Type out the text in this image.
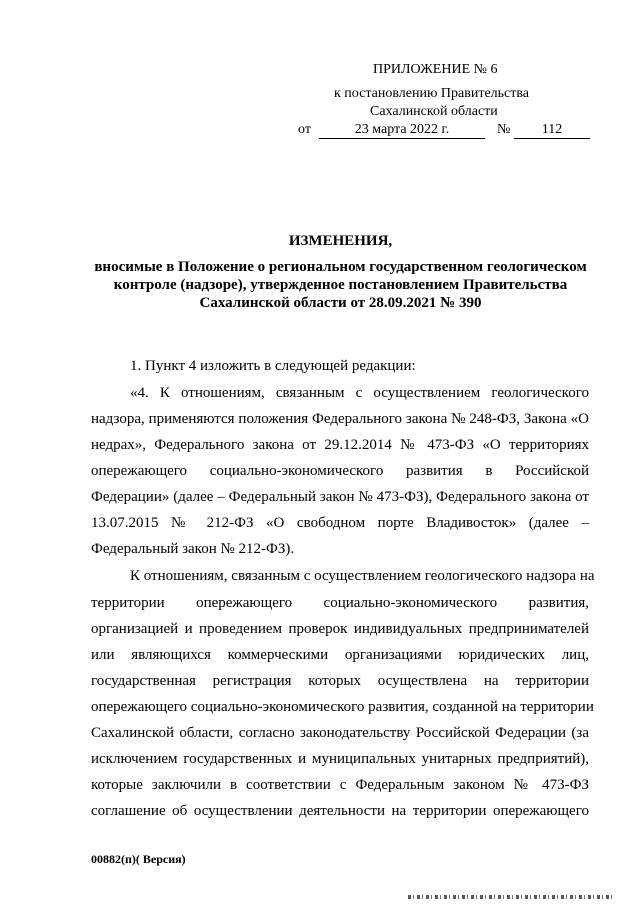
ПРИЛОЖЕНИЕ № 6
к постановлению Правительства
Сахалинской области
от	23 марта 2022 г.	№	112
ИЗМЕНЕНИЯ,
вносимые в Положение о региональном государственном геологическом
контроле (надзоре), утвержденное постановлением Правительства
Сахалинской области от 28.09.2021 № 390
1. Пункт 4 изложить в следующей редакции:
«4. К отношениям, связанным с осуществлением геологического
надзора, применяются положения Федерального закона № 248-ФЗ, Закона «О
недрах», Федерального закона от 29.12.2014 № 473-ФЗ «О территориях
опережающего социально-экономического развития в Российской
Федерации» (далее – Федеральный закон № 473-ФЗ), Федерального закона от
13.07.2015 № 212-ФЗ «О свободном порте Владивосток» (далее –
Федеральный закон № 212-ФЗ).
К отношениям, связанным с осуществлением геологического надзора на
территории опережающего социально-экономического развития,
организацией и проведением проверок индивидуальных предпринимателей
или являющихся коммерческими организациями юридических лиц,
государственная регистрация которых осуществлена на территории
опережающего социально-экономического развития, созданной на территории
Сахалинской области, согласно законодательству Российской Федерации (за
исключением государственных и муниципальных унитарных предприятий),
которые заключили в соответствии с Федеральным законом № 473-ФЗ
соглашение об осуществлении деятельности на территории опережающего
00882(п)( Версия)
